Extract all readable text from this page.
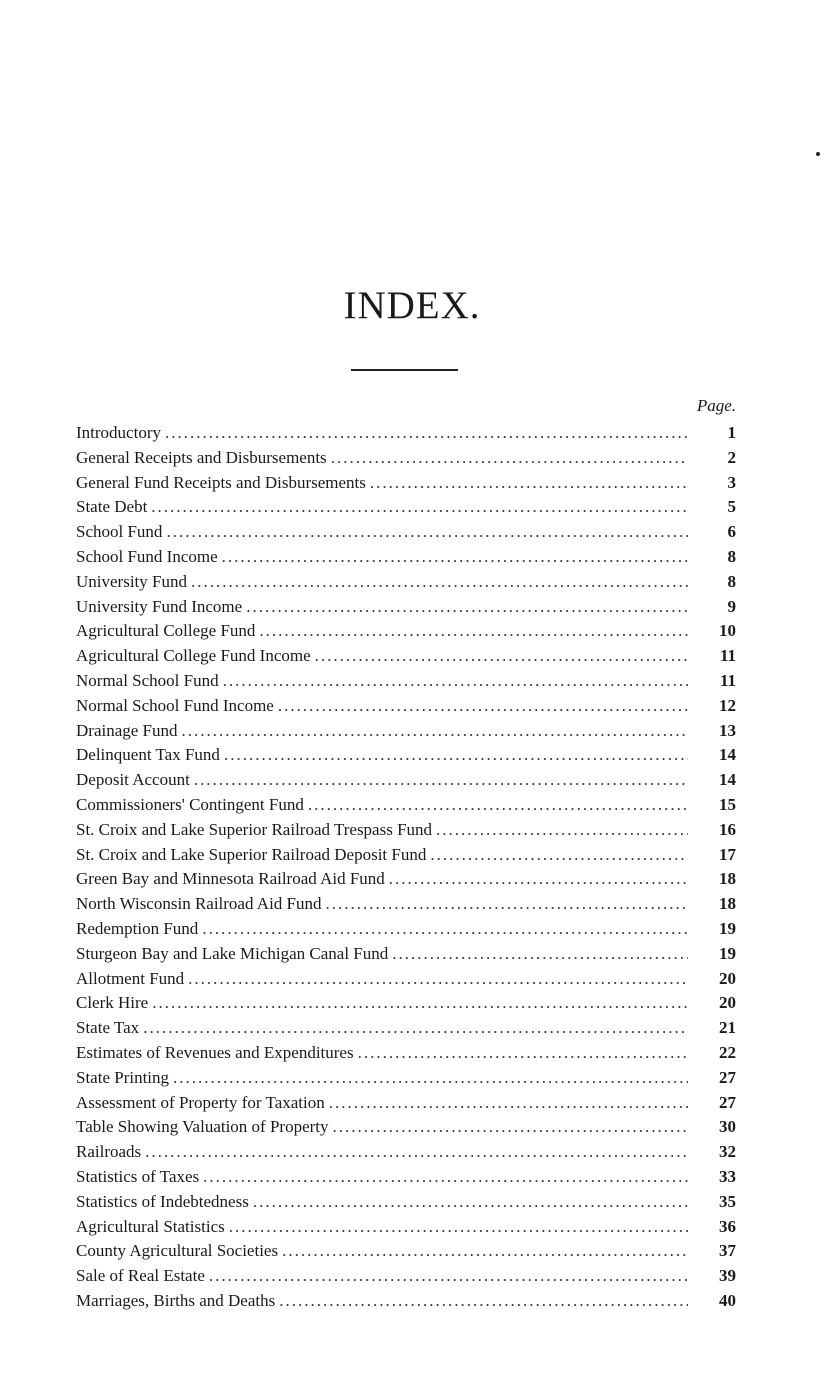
INDEX.
Page.
Introductory .....	1
General Receipts and Disbursements .....	2
General Fund Receipts and Disbursements .....	3
State Debt .....	5
School Fund .....	6
School Fund Income .....	8
University Fund .....	8
University Fund Income .....	9
Agricultural College Fund .....	10
Agricultural College Fund Income .....	11
Normal School Fund .....	11
Normal School Fund Income .....	12
Drainage Fund .....	13
Delinquent Tax Fund .....	14
Deposit Account .....	14
Commissioners' Contingent Fund .....	15
St. Croix and Lake Superior Railroad Trespass Fund .....	16
St. Croix and Lake Superior Railroad Deposit Fund .....	17
Green Bay and Minnesota Railroad Aid Fund .....	18
North Wisconsin Railroad Aid Fund .....	18
Redemption Fund .....	19
Sturgeon Bay and Lake Michigan Canal Fund .....	19
Allotment Fund .....	20
Clerk Hire .....	20
State Tax .....	21
Estimates of Revenues and Expenditures .....	22
State Printing .....	27
Assessment of Property for Taxation .....	27
Table Showing Valuation of Property .....	30
Railroads .....	32
Statistics of Taxes .....	33
Statistics of Indebtedness .....	35
Agricultural Statistics .....	36
County Agricultural Societies .....	37
Sale of Real Estate .....	39
Marriages, Births and Deaths .....	40
